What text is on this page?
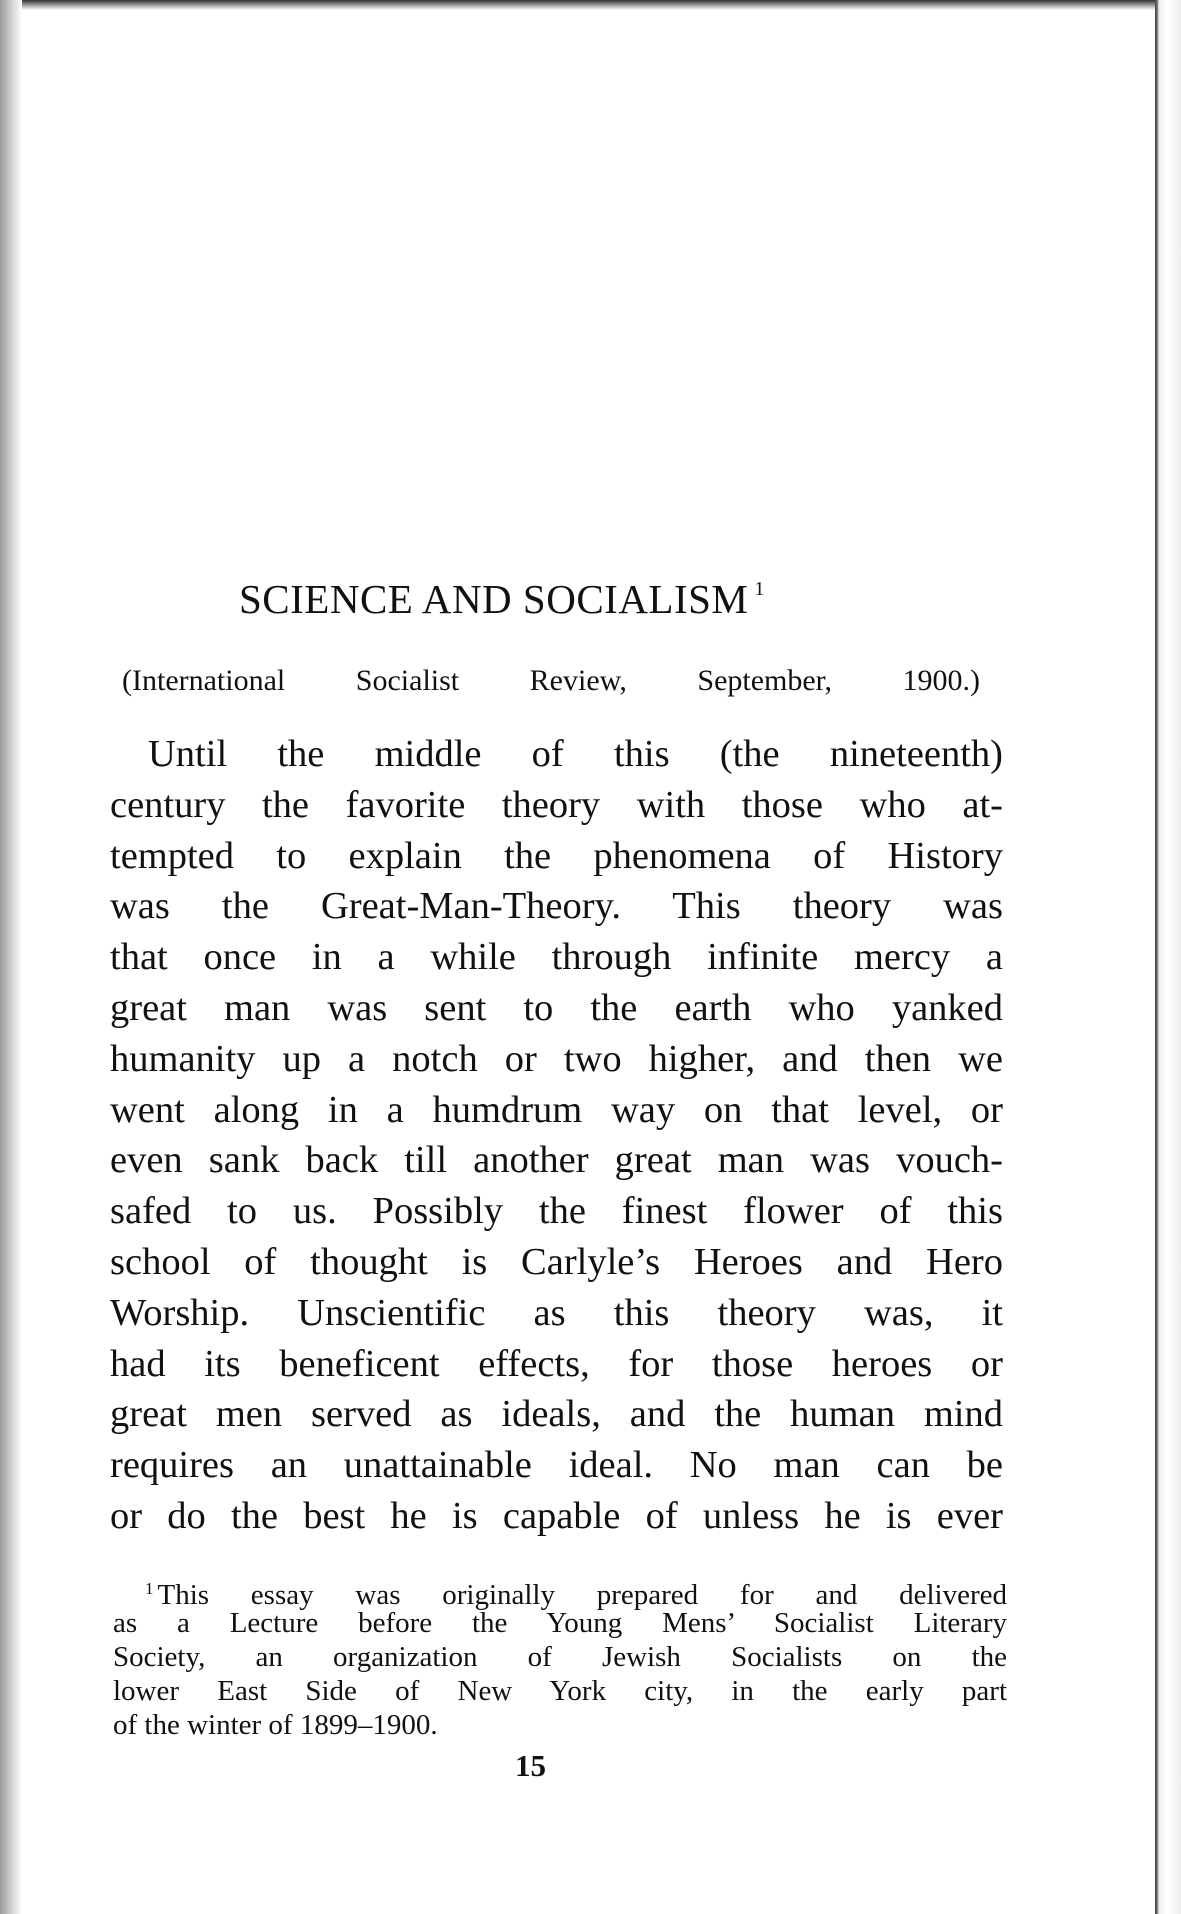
SCIENCE AND SOCIALISM $^1$
(International Socialist Review, September, 1900.)
Until the middle of this (the nineteenth)
century the favorite theory with those who at-
tempted to explain the phenomena of History
was the Great-Man-Theory. This theory was
that once in a while through infinite mercy a
great man was sent to the earth who yanked
humanity up a notch or two higher, and then we
went along in a humdrum way on that level, or
even sank back till another great man was vouch-
safed to us. Possibly the finest flower of this
school of thought is Carlyle’s Heroes and Hero
Worship. Unscientific as this theory was, it
had its beneficent effects, for those heroes or
great men served as ideals, and the human mind
requires an unattainable ideal. No man can be
or do the best he is capable of unless he is ever
$^1$ This essay was originally prepared for and delivered
as a Lecture before the Young Mens’ Socialist Literary
Society, an organization of Jewish Socialists on the
lower East Side of New York city, in the early part
of the winter of 1899–1900.
15
